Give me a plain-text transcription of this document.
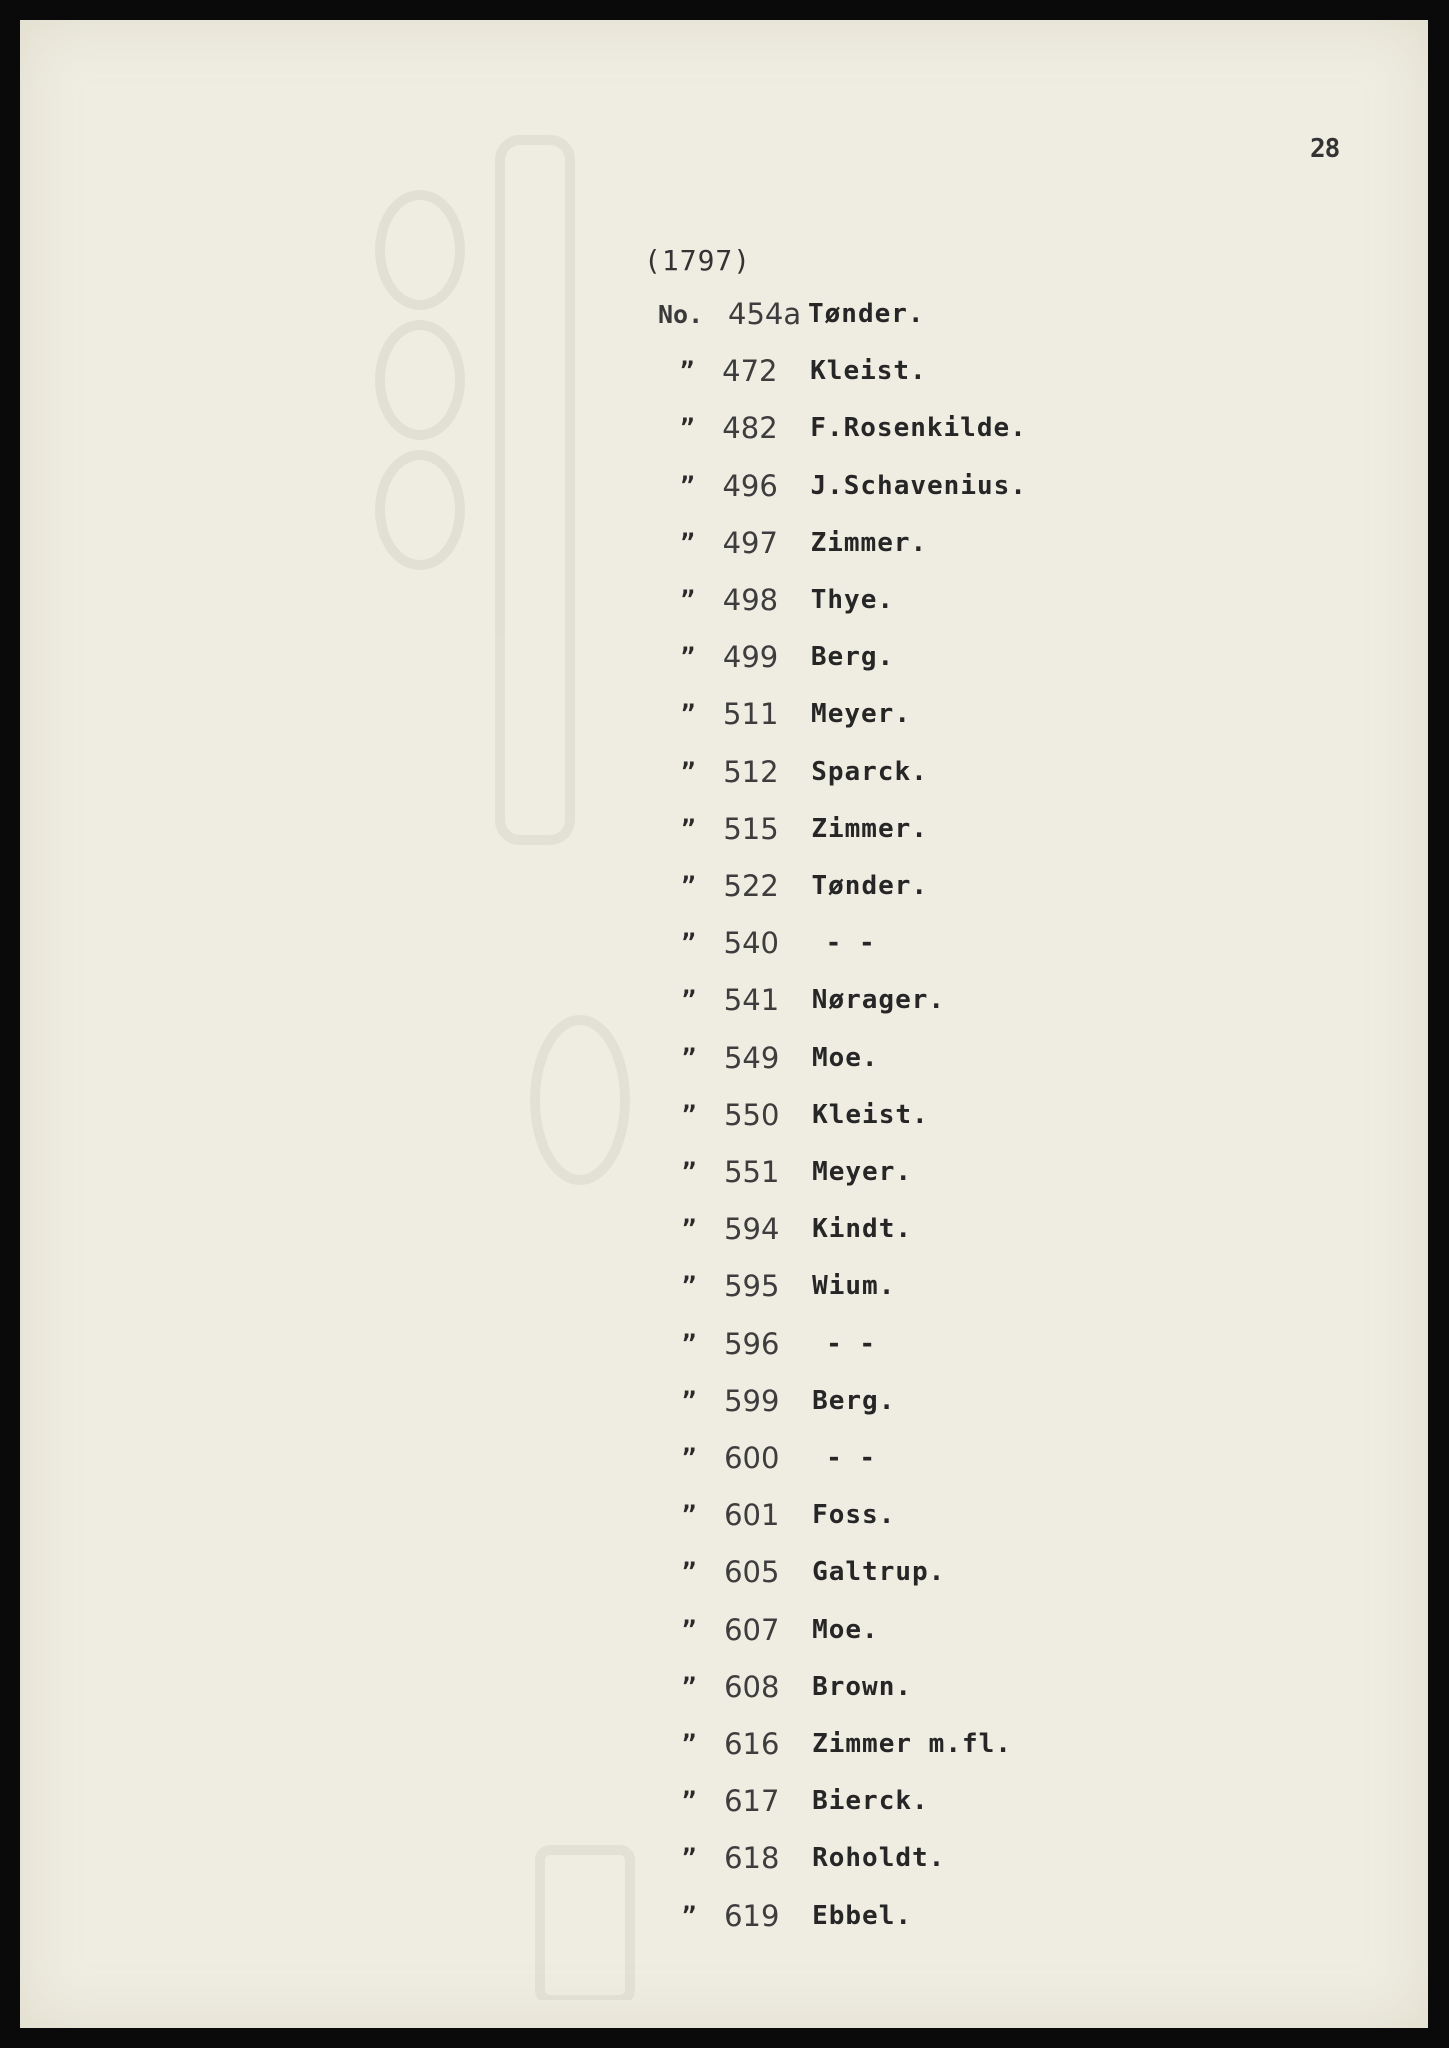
28
(1797)
No. 454a Tønder.
” 472	Kleist.
” 482	F.Rosenkilde.
” 496	J.Schavenius.
” 497	Zimmer.
” 498	Thye.
” 499	Berg.
” 511	Meyer.
” 512	Sparck.
” 515	Zimmer.
” 522	Tønder.
” 540	- -
” 541	Nørager.
” 549	Moe.
” 550	Kleist.
” 551	Meyer.
” 594	Kindt.
” 595	Wium.
” 596	- -
” 599	Berg.
” 600	- -
” 601	Foss.
” 605	Galtrup.
” 607	Moe.
” 608	Brown.
” 616	Zimmer m.fl.
” 617	Bierck.
” 618	Roholdt.
” 619	Ebbel.
